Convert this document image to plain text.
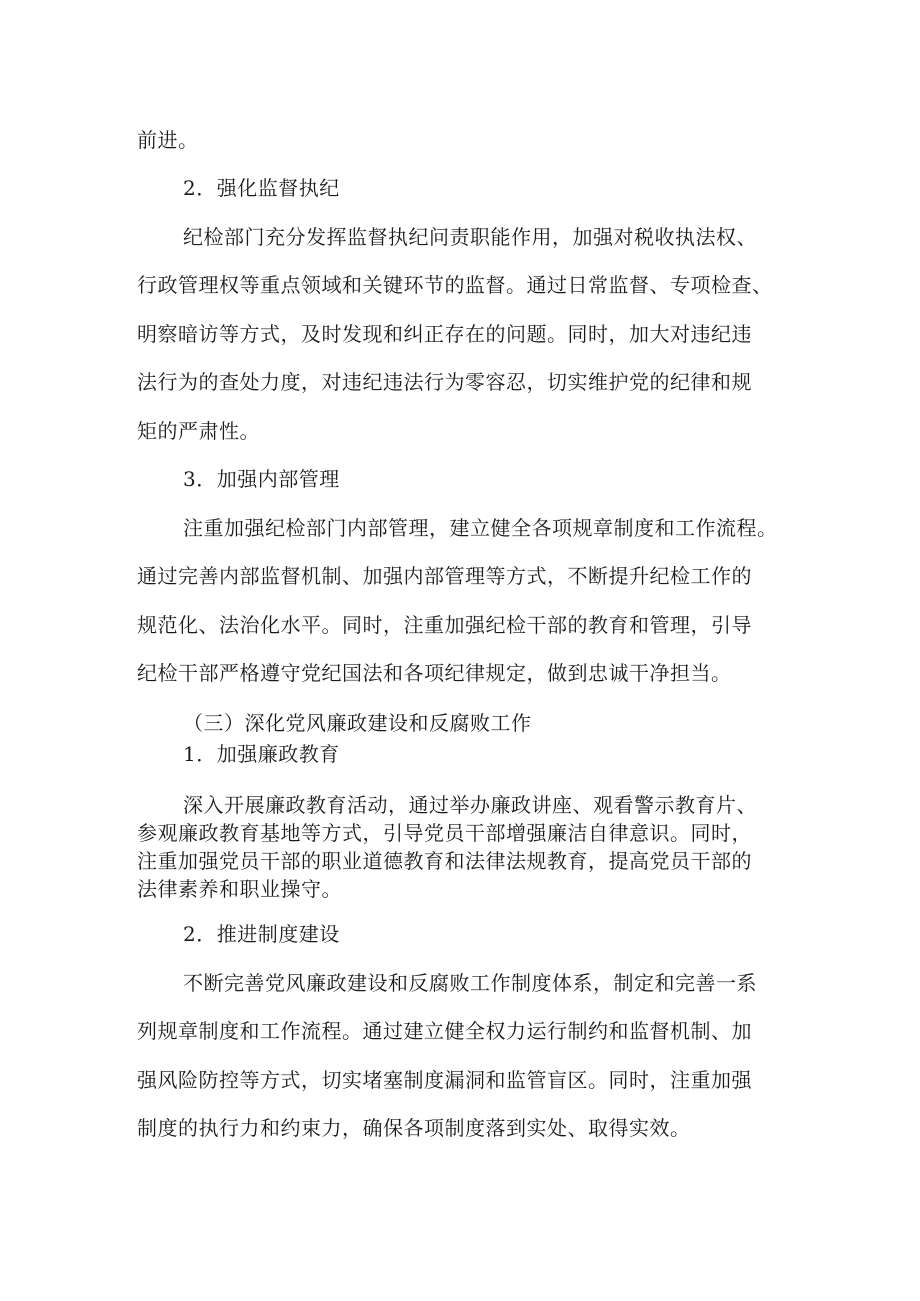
前进。
2．强化监督执纪
纪检部门充分发挥监督执纪问责职能作用，加强对税收执法权、
行政管理权等重点领域和关键环节的监督。通过日常监督、专项检查、
明察暗访等方式，及时发现和纠正存在的问题。同时，加大对违纪违
法行为的查处力度，对违纪违法行为零容忍，切实维护党的纪律和规
矩的严肃性。
3．加强内部管理
注重加强纪检部门内部管理，建立健全各项规章制度和工作流程。
通过完善内部监督机制、加强内部管理等方式，不断提升纪检工作的
规范化、法治化水平。同时，注重加强纪检干部的教育和管理，引导
纪检干部严格遵守党纪国法和各项纪律规定，做到忠诚干净担当。
（三）深化党风廉政建设和反腐败工作
1．加强廉政教育
深入开展廉政教育活动，通过举办廉政讲座、观看警示教育片、
参观廉政教育基地等方式，引导党员干部增强廉洁自律意识。同时，
注重加强党员干部的职业道德教育和法律法规教育，提高党员干部的
法律素养和职业操守。
2．推进制度建设
不断完善党风廉政建设和反腐败工作制度体系，制定和完善一系
列规章制度和工作流程。通过建立健全权力运行制约和监督机制、加
强风险防控等方式，切实堵塞制度漏洞和监管盲区。同时，注重加强
制度的执行力和约束力，确保各项制度落到实处、取得实效。
